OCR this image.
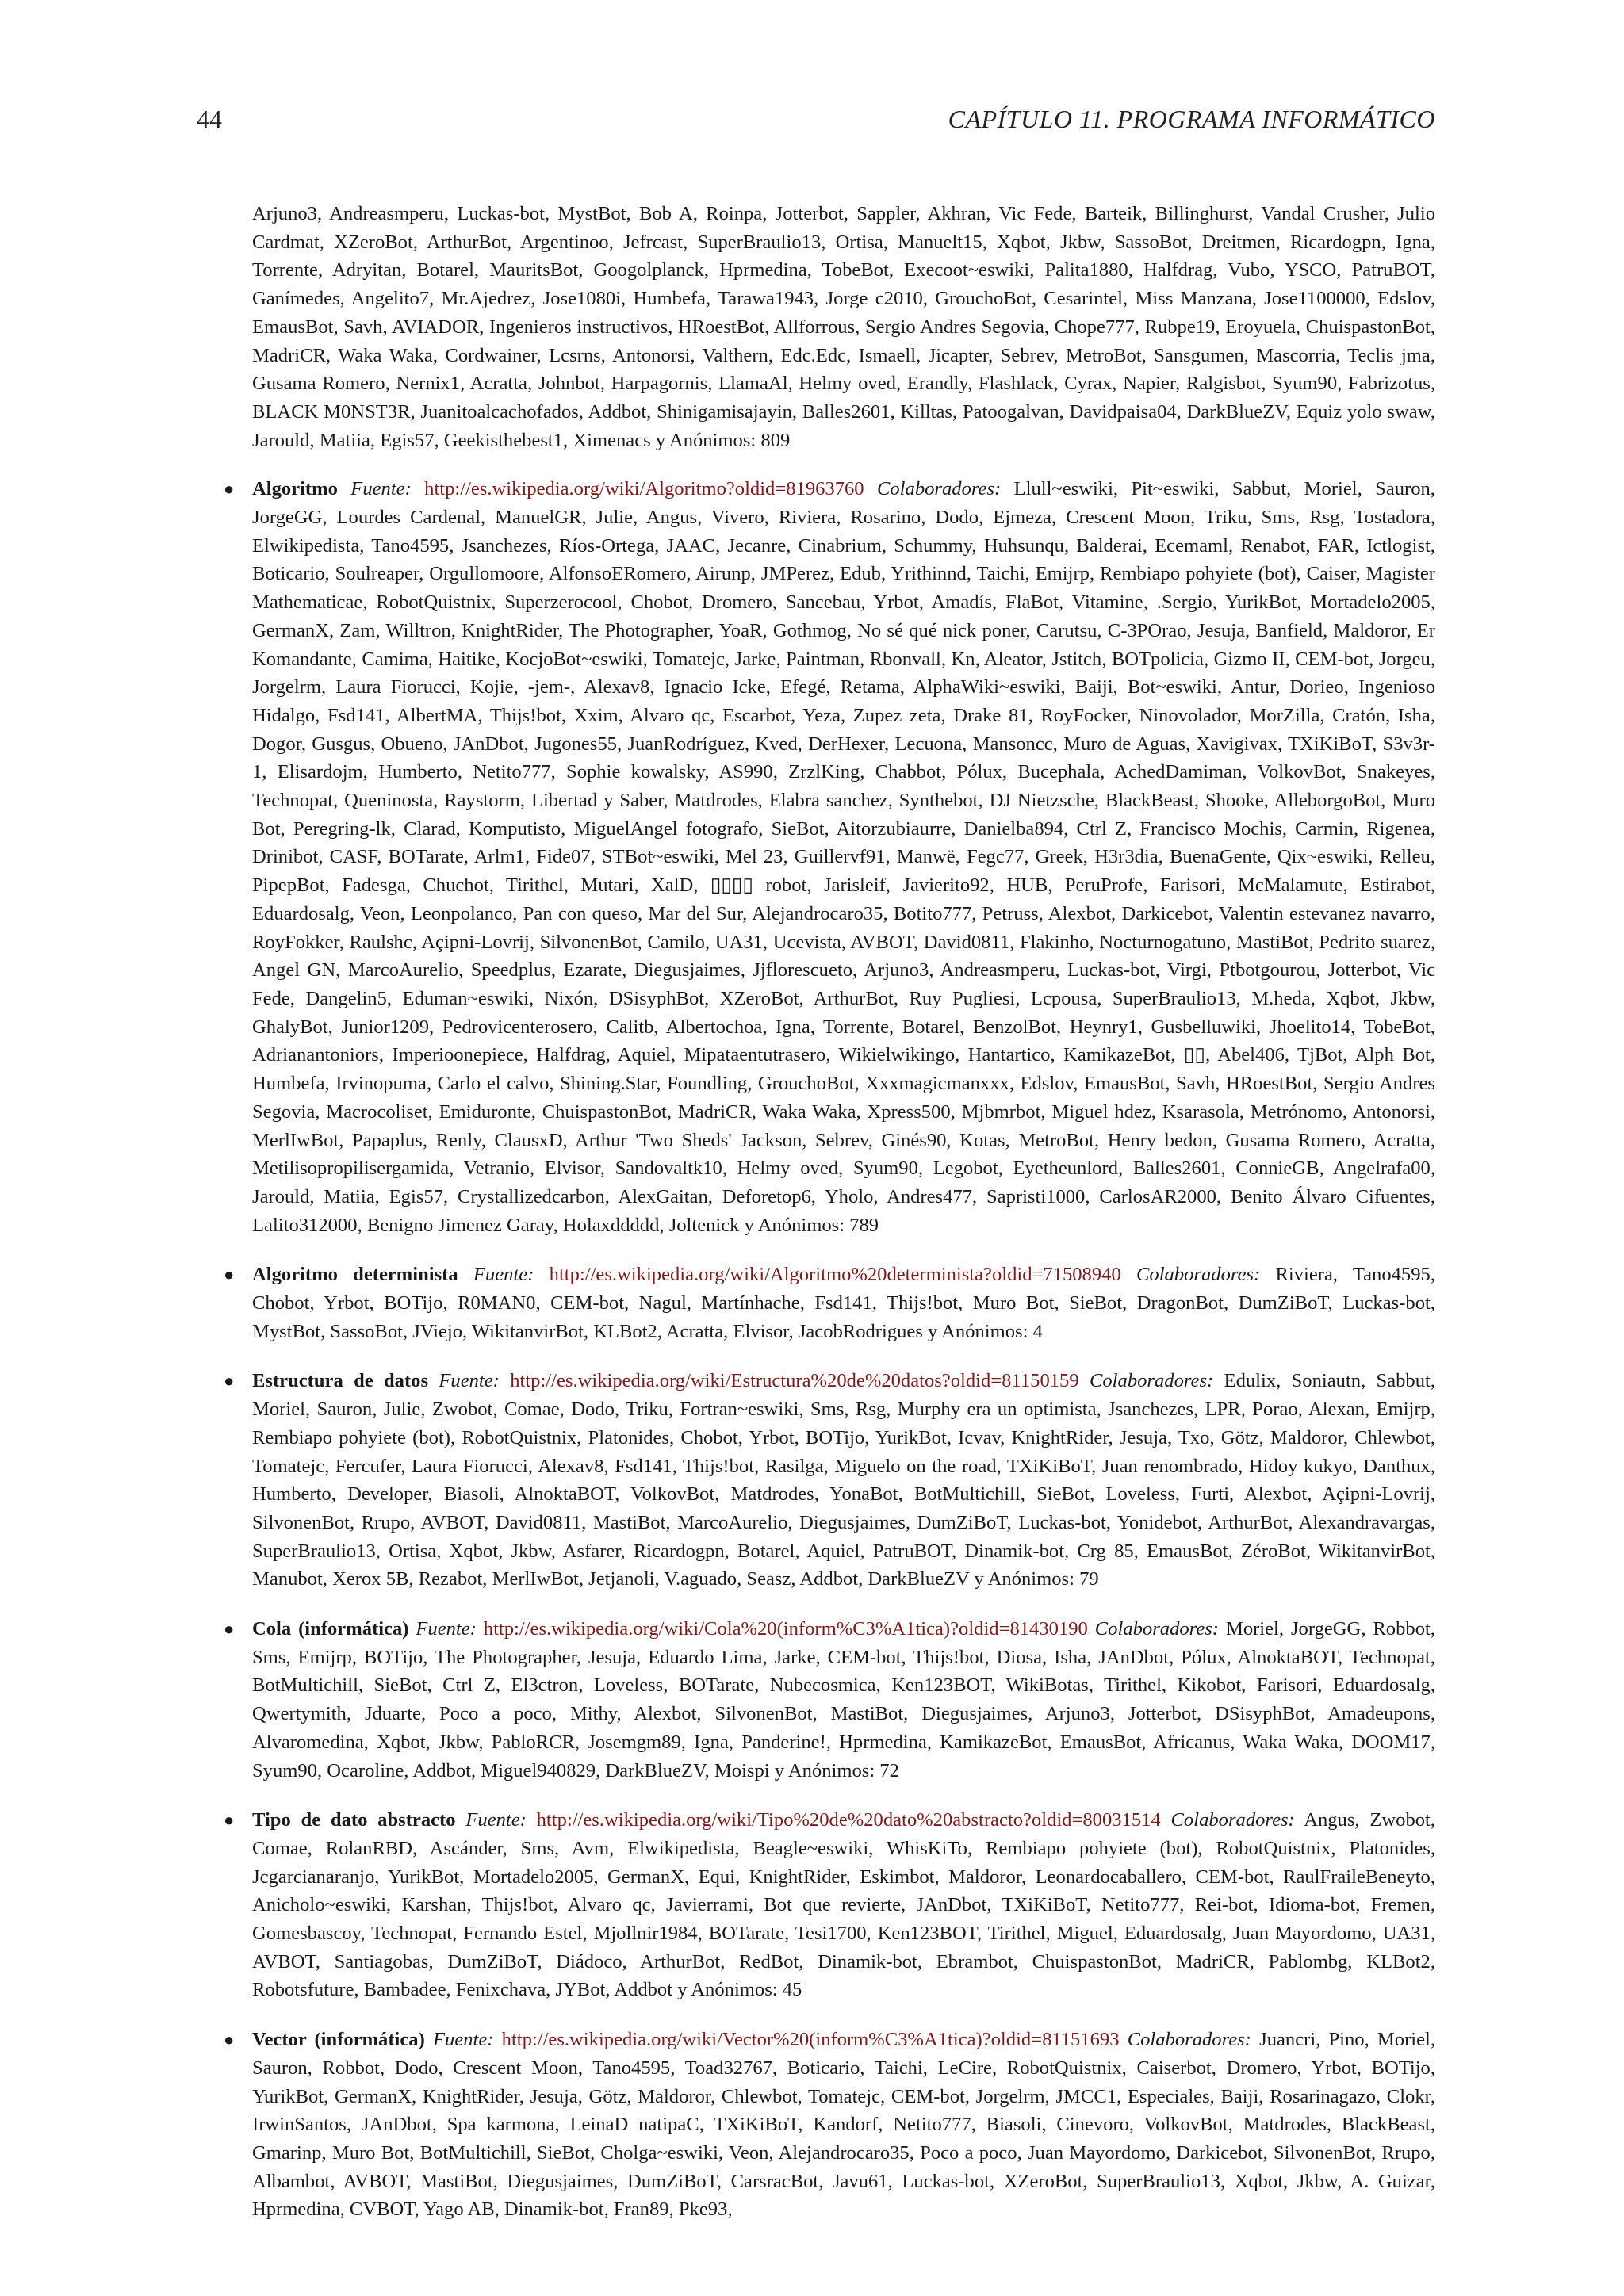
44	CAPÍTULO 11. PROGRAMA INFORMÁTICO

Arjuno3, Andreasmperu, Luckas-bot, MystBot, Bob A, Roinpa, Jotterbot, Sappler, Akhran, Vic Fede, Barteik, Billinghurst, Vandal Crusher, Julio Cardmat, XZeroBot, ArthurBot, Argentinoo, Jefrcast, SuperBraulio13, Ortisa, Manuelt15, Xqbot, Jkbw, SassoBot, Dreitmen, Ricardogpn, Igna, Torrente, Adryitan, Botarel, MauritsBot, Googolplanck, Hprmedina, TobeBot, Execoot~eswiki, Palita1880, Halfdrag, Vubo, YSCO, PatruBOT, Ganímedes, Angelito7, Mr.Ajedrez, Jose1080i, Humbefa, Tarawa1943, Jorge c2010, GrouchoBot, Cesarintel, Miss Manzana, Jose1100000, Edslov, EmausBot, Savh, AVIADOR, Ingenieros instructivos, HRoestBot, Allforrous, Sergio Andres Segovia, Chope777, Rubpe19, Eroyuela, ChuispastonBot, MadriCR, Waka Waka, Cordwainer, Lcsrns, Antonorsi, Valthern, Edc.Edc, Ismaell, Jicapter, Sebrev, MetroBot, Sansgumen, Mascorria, Teclis jma, Gusama Romero, Nernix1, Acratta, Johnbot, Harpagornis, LlamaAl, Helmy oved, Erandly, Flashlack, Cyrax, Napier, Ralgisbot, Syum90, Fabrizotus, BLACK M0NST3R, Juanitoalcachofados, Addbot, Shinigamisajayin, Balles2601, Killtas, Patoogalvan, Davidpaisa04, DarkBlueZV, Equiz yolo swaw, Jarould, Matiia, Egis57, Geekisthebest1, Ximenacs y Anónimos: 809

● Algoritmo Fuente: http://es.wikipedia.org/wiki/Algoritmo?oldid=81963760 Colaboradores: Llull~eswiki, Pit~eswiki, Sabbut, Moriel, Sauron, JorgeGG, Lourdes Cardenal, ManuelGR, Julie, Angus, Vivero, Riviera, Rosarino, Dodo, Ejmeza, Crescent Moon, Triku, Sms, Rsg, Tostadora, Elwikipedista, Tano4595, Jsanchezes, Ríos-Ortega, JAAC, Jecanre, Cinabrium, Schummy, Huhsunqu, Balderai, Ecemaml, Renabot, FAR, Ictlogist, Boticario, Soulreaper, Orgullomoore, AlfonsoERomero, Airunp, JMPerez, Edub, Yrithinnd, Taichi, Emijrp, Rembiapo pohyiete (bot), Caiser, Magister Mathematicae, RobotQuistnix, Superzerocool, Chobot, Dromero, Sancebau, Yrbot, Amadís, FlaBot, Vitamine, .Sergio, YurikBot, Mortadelo2005, GermanX, Zam, Willtron, KnightRider, The Photographer, YoaR, Gothmog, No sé qué nick poner, Carutsu, C-3POrao, Jesuja, Banfield, Maldoror, Er Komandante, Camima, Haitike, KocjoBot~eswiki, Tomatejc, Jarke, Paintman, Rbonvall, Kn, Aleator, Jstitch, BOTpolicia, Gizmo II, CEM-bot, Jorgeu, Jorgelrm, Laura Fiorucci, Kojie, -jem-, Alexav8, Ignacio Icke, Efegé, Retama, AlphaWiki~eswiki, Baiji, Bot~eswiki, Antur, Dorieo, Ingenioso Hidalgo, Fsd141, AlbertMA, Thijs!bot, Xxim, Alvaro qc, Escarbot, Yeza, Zupez zeta, Drake 81, RoyFocker, Ninovolador, MorZilla, Cratón, Isha, Dogor, Gusgus, Obueno, JAnDbot, Jugones55, JuanRodríguez, Kved, DerHexer, Lecuona, Mansoncc, Muro de Aguas, Xavigivax, TXiKiBoT, S3v3r-1, Elisardojm, Humberto, Netito777, Sophie kowalsky, AS990, ZrzlKing, Chabbot, Pólux, Bucephala, AchedDamiman, VolkovBot, Snakeyes, Technopat, Queninosta, Raystorm, Libertad y Saber, Matdrodes, Elabra sanchez, Synthebot, DJ Nietzsche, BlackBeast, Shooke, AlleborgoBot, Muro Bot, Peregring-lk, Clarad, Komputisto, MiguelAngel fotografo, SieBot, Aitorzubiaurre, Danielba894, Ctrl Z, Francisco Mochis, Carmin, Rigenea, Drinibot, CASF, BOTarate, Arlm1, Fide07, STBot~eswiki, Mel 23, Guillervf91, Manwë, Fegc77, Greek, H3r3dia, BuenaGente, Qix~eswiki, Relleu, PipepBot, Fadesga, Chuchot, Tirithel, Mutari, XalD, ▯▯▯▯ robot, Jarisleif, Javierito92, HUB, PeruProfe, Farisori, McMalamute, Estirabot, Eduardosalg, Veon, Leonpolanco, Pan con queso, Mar del Sur, Alejandrocaro35, Botito777, Petruss, Alexbot, Darkicebot, Valentin estevanez navarro, RoyFokker, Raulshc, Açipni-Lovrij, SilvonenBot, Camilo, UA31, Ucevista, AVBOT, David0811, Flakinho, Nocturnogatuno, MastiBot, Pedrito suarez, Angel GN, MarcoAurelio, Speedplus, Ezarate, Diegusjaimes, Jjflorescueto, Arjuno3, Andreasmperu, Luckas-bot, Virgi, Ptbotgourou, Jotterbot, Vic Fede, Dangelin5, Eduman~eswiki, Nixón, DSisyphBot, XZeroBot, ArthurBot, Ruy Pugliesi, Lcpousa, SuperBraulio13, M.heda, Xqbot, Jkbw, GhalyBot, Junior1209, Pedrovicenterosero, Calitb, Albertochoa, Igna, Torrente, Botarel, BenzolBot, Heynry1, Gusbelluwiki, Jhoelito14, TobeBot, Adrianantoniors, Imperioonepiece, Halfdrag, Aquiel, Mipataentutrasero, Wikielwikingo, Hantartico, KamikazeBot, ▯▯, Abel406, TjBot, Alph Bot, Humbefa, Irvinopuma, Carlo el calvo, Shining.Star, Foundling, GrouchoBot, Xxxmagicmanxxx, Edslov, EmausBot, Savh, HRoestBot, Sergio Andres Segovia, Macrocoliset, Emiduronte, ChuispastonBot, MadriCR, Waka Waka, Xpress500, Mjbmrbot, Miguel hdez, Ksarasola, Metrónomo, Antonorsi, MerlIwBot, Papaplus, Renly, ClausxD, Arthur 'Two Sheds' Jackson, Sebrev, Ginés90, Kotas, MetroBot, Henry bedon, Gusama Romero, Acratta, Metilisopropilisergamida, Vetranio, Elvisor, Sandovaltk10, Helmy oved, Syum90, Legobot, Eyetheunlord, Balles2601, ConnieGB, Angelrafa00, Jarould, Matiia, Egis57, Crystallizedcarbon, AlexGaitan, Deforetop6, Yholo, Andres477, Sapristi1000, CarlosAR2000, Benito Álvaro Cifuentes, Lalito312000, Benigno Jimenez Garay, Holaxddddd, Joltenick y Anónimos: 789
● Algoritmo determinista Fuente: http://es.wikipedia.org/wiki/Algoritmo%20determinista?oldid=71508940 Colaboradores: Riviera, Tano4595, Chobot, Yrbot, BOTijo, R0MAN0, CEM-bot, Nagul, Martínhache, Fsd141, Thijs!bot, Muro Bot, SieBot, DragonBot, DumZiBoT, Luckas-bot, MystBot, SassoBot, JViejo, WikitanvirBot, KLBot2, Acratta, Elvisor, JacobRodrigues y Anónimos: 4
● Estructura de datos Fuente: http://es.wikipedia.org/wiki/Estructura%20de%20datos?oldid=81150159 Colaboradores: Edulix, Soniautn, Sabbut, Moriel, Sauron, Julie, Zwobot, Comae, Dodo, Triku, Fortran~eswiki, Sms, Rsg, Murphy era un optimista, Jsanchezes, LPR, Porao, Alexan, Emijrp, Rembiapo pohyiete (bot), RobotQuistnix, Platonides, Chobot, Yrbot, BOTijo, YurikBot, Icvav, KnightRider, Jesuja, Txo, Götz, Maldoror, Chlewbot, Tomatejc, Fercufer, Laura Fiorucci, Alexav8, Fsd141, Thijs!bot, Rasilga, Miguelo on the road, TXiKiBoT, Juan renombrado, Hidoy kukyo, Danthux, Humberto, Developer, Biasoli, AlnoktaBOT, VolkovBot, Matdrodes, YonaBot, BotMultichill, SieBot, Loveless, Furti, Alexbot, Açipni-Lovrij, SilvonenBot, Rrupo, AVBOT, David0811, MastiBot, MarcoAurelio, Diegusjaimes, DumZiBoT, Luckas-bot, Yonidebot, ArthurBot, Alexandravargas, SuperBraulio13, Ortisa, Xqbot, Jkbw, Asfarer, Ricardogpn, Botarel, Aquiel, PatruBOT, Dinamik-bot, Crg 85, EmausBot, ZéroBot, WikitanvirBot, Manubot, Xerox 5B, Rezabot, MerlIwBot, Jetjanoli, V.aguado, Seasz, Addbot, DarkBlueZV y Anónimos: 79
● Cola (informática) Fuente: http://es.wikipedia.org/wiki/Cola%20(inform%C3%A1tica)?oldid=81430190 Colaboradores: Moriel, JorgeGG, Robbot, Sms, Emijrp, BOTijo, The Photographer, Jesuja, Eduardo Lima, Jarke, CEM-bot, Thijs!bot, Diosa, Isha, JAnDbot, Pólux, AlnoktaBOT, Technopat, BotMultichill, SieBot, Ctrl Z, El3ctron, Loveless, BOTarate, Nubecosmica, Ken123BOT, WikiBotas, Tirithel, Kikobot, Farisori, Eduardosalg, Qwertymith, Jduarte, Poco a poco, Mithy, Alexbot, SilvonenBot, MastiBot, Diegusjaimes, Arjuno3, Jotterbot, DSisyphBot, Amadeupons, Alvaromedina, Xqbot, Jkbw, PabloRCR, Josemgm89, Igna, Panderine!, Hprmedina, KamikazeBot, EmausBot, Africanus, Waka Waka, DOOM17, Syum90, Ocaroline, Addbot, Miguel940829, DarkBlueZV, Moispi y Anónimos: 72
● Tipo de dato abstracto Fuente: http://es.wikipedia.org/wiki/Tipo%20de%20dato%20abstracto?oldid=80031514 Colaboradores: Angus, Zwobot, Comae, RolanRBD, Ascánder, Sms, Avm, Elwikipedista, Beagle~eswiki, WhisKiTo, Rembiapo pohyiete (bot), RobotQuistnix, Platonides, Jcgarcianaranjo, YurikBot, Mortadelo2005, GermanX, Equi, KnightRider, Eskimbot, Maldoror, Leonardocaballero, CEM-bot, RaulFraileBeneyto, Anicholo~eswiki, Karshan, Thijs!bot, Alvaro qc, Javierrami, Bot que revierte, JAnDbot, TXiKiBoT, Netito777, Rei-bot, Idioma-bot, Fremen, Gomesbascoy, Technopat, Fernando Estel, Mjollnir1984, BOTarate, Tesi1700, Ken123BOT, Tirithel, Miguel, Eduardosalg, Juan Mayordomo, UA31, AVBOT, Santiagobas, DumZiBoT, Diádoco, ArthurBot, RedBot, Dinamik-bot, Ebrambot, ChuispastonBot, MadriCR, Pablombg, KLBot2, Robotsfuture, Bambadee, Fenixchava, JYBot, Addbot y Anónimos: 45
● Vector (informática) Fuente: http://es.wikipedia.org/wiki/Vector%20(inform%C3%A1tica)?oldid=81151693 Colaboradores: Juancri, Pino, Moriel, Sauron, Robbot, Dodo, Crescent Moon, Tano4595, Toad32767, Boticario, Taichi, LeCire, RobotQuistnix, Caiserbot, Dromero, Yrbot, BOTijo, YurikBot, GermanX, KnightRider, Jesuja, Götz, Maldoror, Chlewbot, Tomatejc, CEM-bot, Jorgelrm, JMCC1, Especiales, Baiji, Rosarinagazo, Clokr, IrwinSantos, JAnDbot, Spa karmona, LeinaD natipaC, TXiKiBoT, Kandorf, Netito777, Biasoli, Cinevoro, VolkovBot, Matdrodes, BlackBeast, Gmarinp, Muro Bot, BotMultichill, SieBot, Cholga~eswiki, Veon, Alejandrocaro35, Poco a poco, Juan Mayordomo, Darkicebot, SilvonenBot, Rrupo, Albambot, AVBOT, MastiBot, Diegusjaimes, DumZiBoT, CarsracBot, Javu61, Luckas-bot, XZeroBot, SuperBraulio13, Xqbot, Jkbw, A. Guizar, Hprmedina, CVBOT, Yago AB, Dinamik-bot, Fran89, Pke93,
